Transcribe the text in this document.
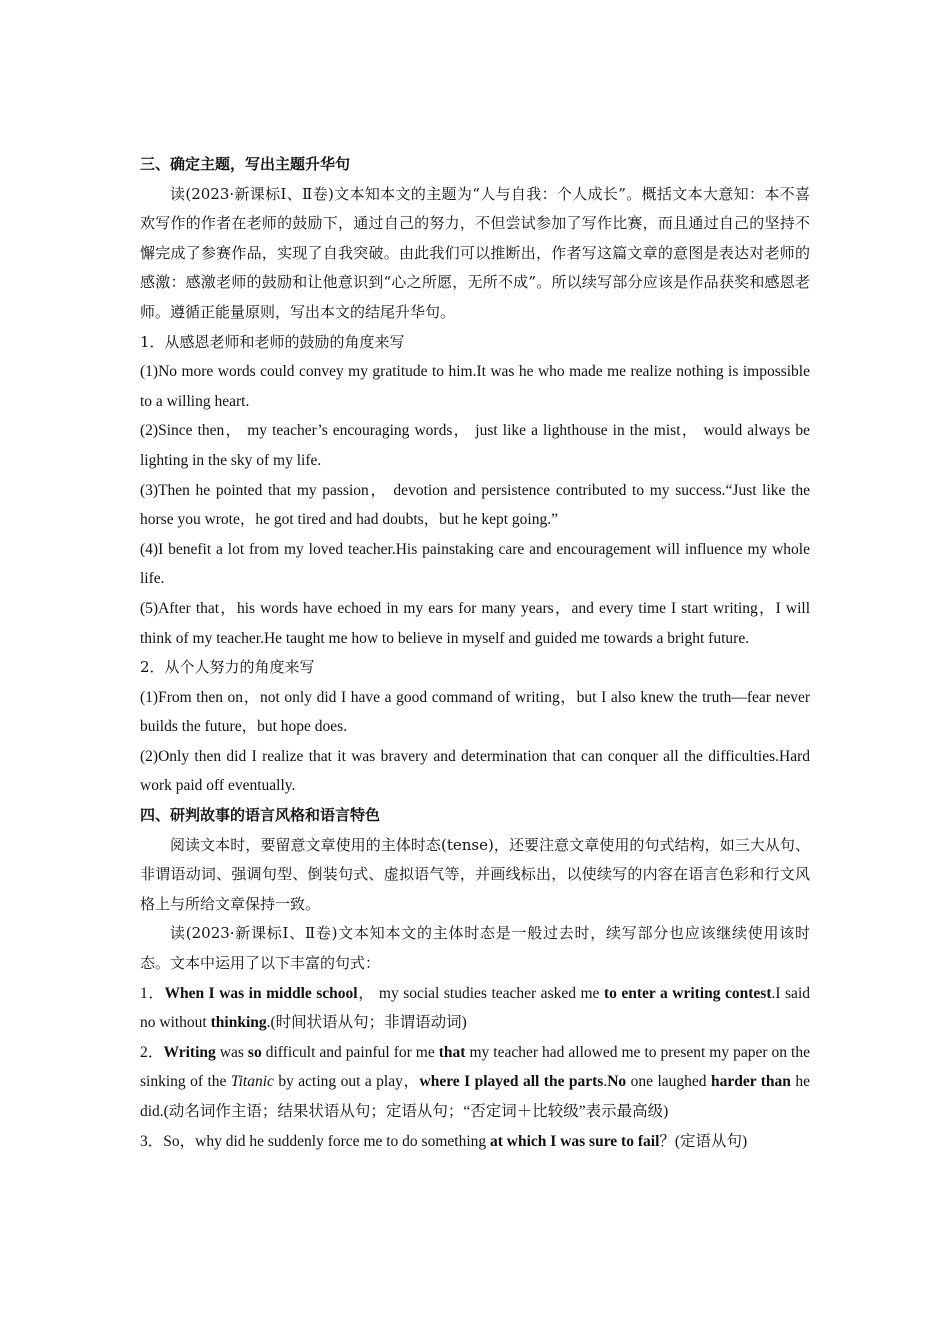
三、确定主题，写出主题升华句

读(2023·新课标Ⅰ、Ⅱ卷)文本知本文的主题为“人与自我：个人成长”。概括文本大意知：本不喜欢写作的作者在老师的鼓励下，通过自己的努力，不但尝试参加了写作比赛，而且通过自己的坚持不懈完成了参赛作品，实现了自我突破。由此我们可以推断出，作者写这篇文章的意图是表达对老师的感激：感激老师的鼓励和让他意识到“心之所愿，无所不成”。所以续写部分应该是作品获奖和感恩老师。遵循正能量原则，写出本文的结尾升华句。

1．从感恩老师和老师的鼓励的角度来写

(1)No more words could convey my gratitude to him.It was he who made me realize nothing is impossible to a willing heart.

(2)Since then， my teacher’s encouraging words， just like a lighthouse in the mist， would always be lighting in the sky of my life.

(3)Then he pointed that my passion， devotion and persistence contributed to my success.“Just like the horse you wrote，he got tired and had doubts，but he kept going.”

(4)I benefit a lot from my loved teacher.His painstaking care and encouragement will influence my whole life.

(5)After that，his words have echoed in my ears for many years，and every time I start writing，I will think of my teacher.He taught me how to believe in myself and guided me towards a bright future.

2．从个人努力的角度来写

(1)From then on，not only did I have a good command of writing，but I also knew the truth—fear never builds the future，but hope does.

(2)Only then did I realize that it was bravery and determination that can conquer all the difficulties.Hard work paid off eventually.

四、研判故事的语言风格和语言特色

阅读文本时，要留意文章使用的主体时态(tense)，还要注意文章使用的句式结构，如三大从句、非谓语动词、强调句型、倒装句式、虚拟语气等，并画线标出，以使续写的内容在语言色彩和行文风格上与所给文章保持一致。

读(2023·新课标Ⅰ、Ⅱ卷)文本知本文的主体时态是一般过去时，续写部分也应该继续使用该时态。文本中运用了以下丰富的句式：

1．When I was in middle school， my social studies teacher asked me to enter a writing contest.I said no without thinking.(时间状语从句；非谓语动词)

2．Writing was so difficult and painful for me that my teacher had allowed me to present my paper on the sinking of the Titanic by acting out a play，where I played all the parts.No one laughed harder than he did.(动名词作主语；结果状语从句；定语从句；“否定词＋比较级”表示最高级)

3．So，why did he suddenly force me to do something at which I was sure to fail？(定语从句)
